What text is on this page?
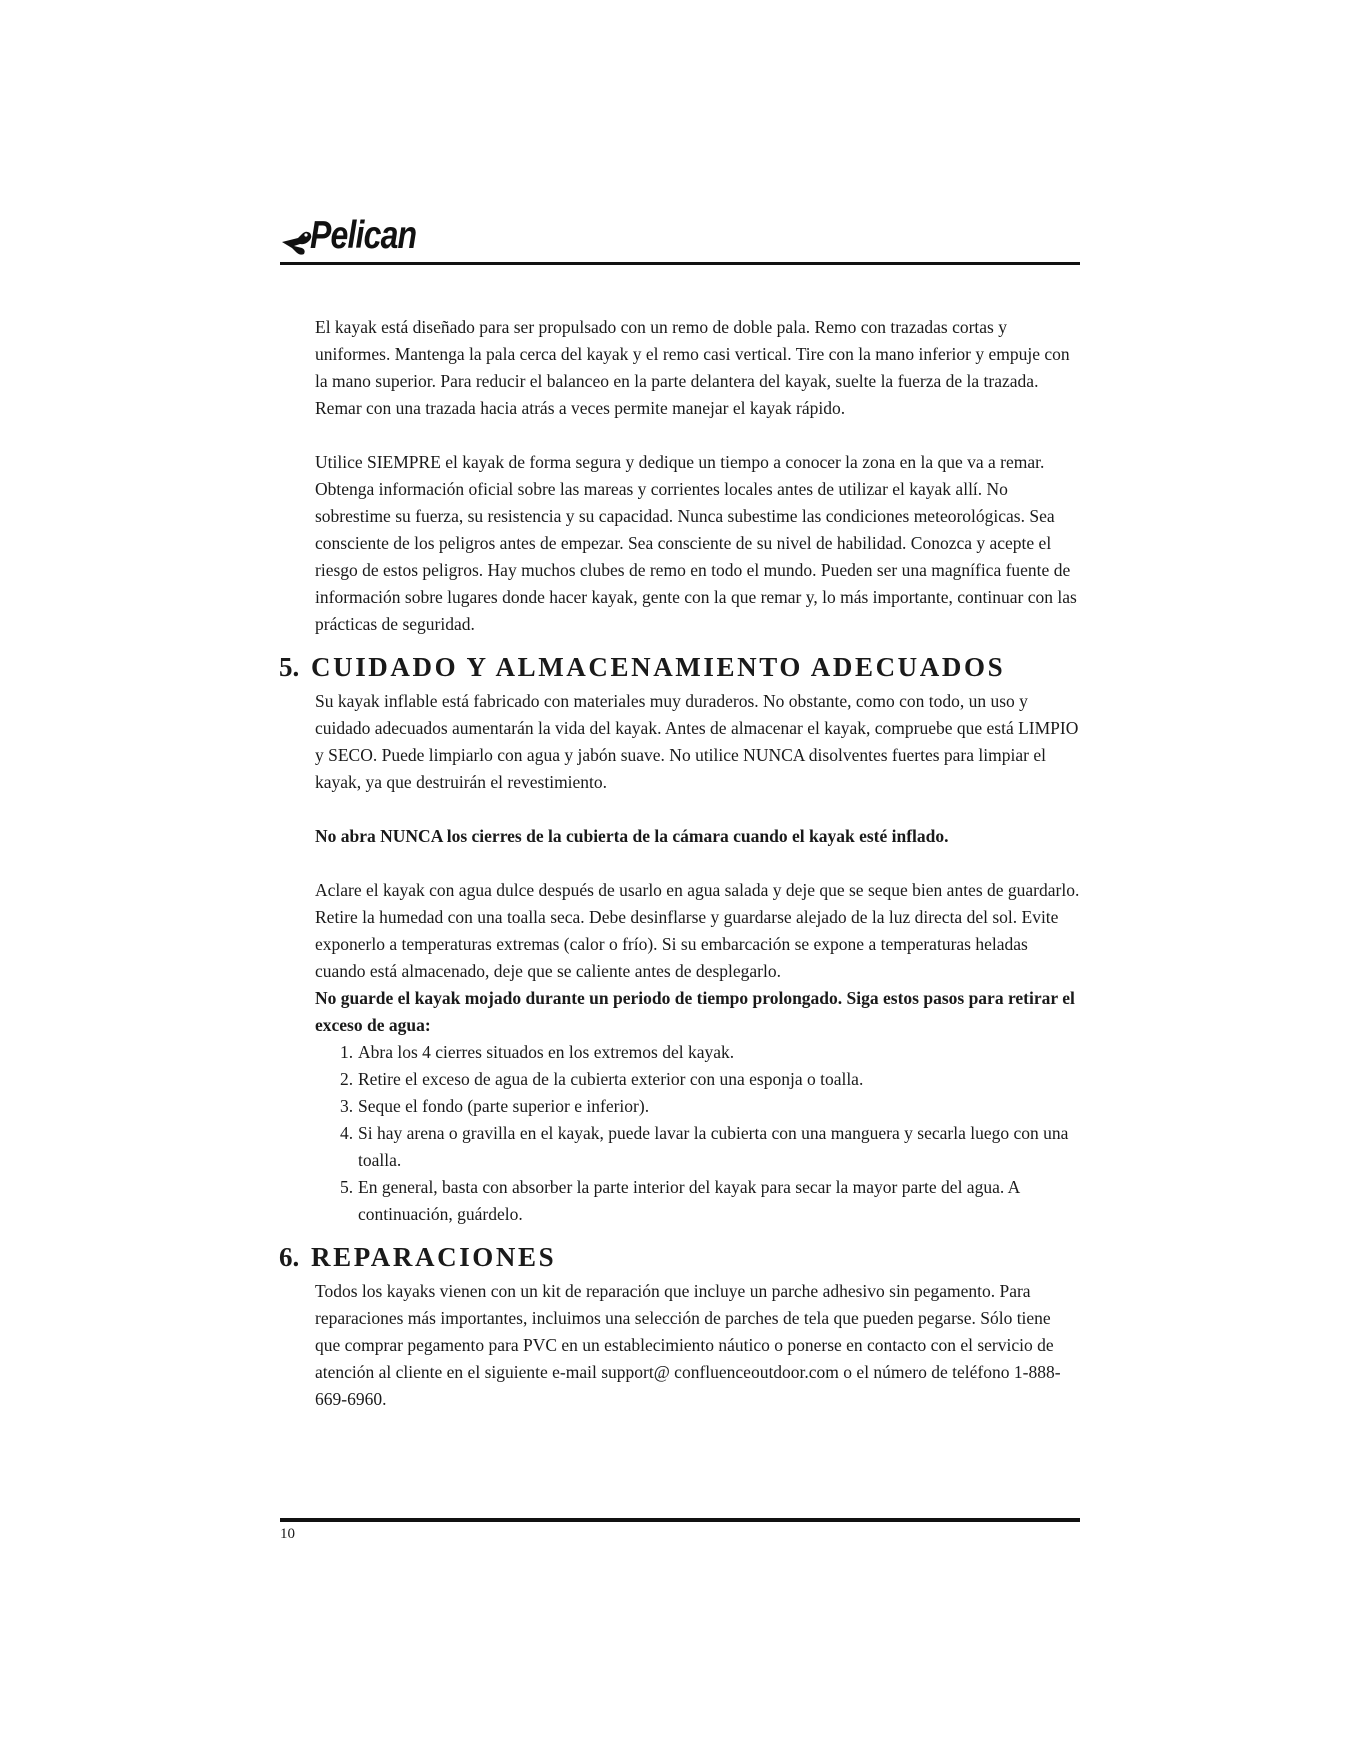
Pelican

El kayak está diseñado para ser propulsado con un remo de doble pala. Remo con trazadas cortas y uniformes. Mantenga la pala cerca del kayak y el remo casi vertical. Tire con la mano inferior y empuje con la mano superior. Para reducir el balanceo en la parte delantera del kayak, suelte la fuerza de la trazada. Remar con una trazada hacia atrás a veces permite manejar el kayak rápido.

Utilice SIEMPRE el kayak de forma segura y dedique un tiempo a conocer la zona en la que va a remar. Obtenga información oficial sobre las mareas y corrientes locales antes de utilizar el kayak allí. No sobrestime su fuerza, su resistencia y su capacidad. Nunca subestime las condiciones meteorológicas. Sea consciente de los peligros antes de empezar. Sea consciente de su nivel de habilidad. Conozca y acepte el riesgo de estos peligros. Hay muchos clubes de remo en todo el mundo. Pueden ser una magnífica fuente de información sobre lugares donde hacer kayak, gente con la que remar y, lo más importante, continuar con las prácticas de seguridad.

5. CUIDADO Y ALMACENAMIENTO ADECUADOS

Su kayak inflable está fabricado con materiales muy duraderos. No obstante, como con todo, un uso y cuidado adecuados aumentarán la vida del kayak. Antes de almacenar el kayak, compruebe que está LIMPIO y SECO. Puede limpiarlo con agua y jabón suave. No utilice NUNCA disolventes fuertes para limpiar el kayak, ya que destruirán el revestimiento.

No abra NUNCA los cierres de la cubierta de la cámara cuando el kayak esté inflado.

Aclare el kayak con agua dulce después de usarlo en agua salada y deje que se seque bien antes de guardarlo. Retire la humedad con una toalla seca. Debe desinflarse y guardarse alejado de la luz directa del sol. Evite exponerlo a temperaturas extremas (calor o frío). Si su embarcación se expone a temperaturas heladas cuando está almacenado, deje que se caliente antes de desplegarlo.

No guarde el kayak mojado durante un periodo de tiempo prolongado. Siga estos pasos para retirar el exceso de agua:

1. Abra los 4 cierres situados en los extremos del kayak.
2. Retire el exceso de agua de la cubierta exterior con una esponja o toalla.
3. Seque el fondo (parte superior e inferior).
4. Si hay arena o gravilla en el kayak, puede lavar la cubierta con una manguera y secarla luego con una toalla.
5. En general, basta con absorber la parte interior del kayak para secar la mayor parte del agua. A continuación, guárdelo.
6. REPARACIONES

Todos los kayaks vienen con un kit de reparación que incluye un parche adhesivo sin pegamento. Para reparaciones más importantes, incluimos una selección de parches de tela que pueden pegarse. Sólo tiene que comprar pegamento para PVC en un establecimiento náutico o ponerse en contacto con el servicio de atención al cliente en el siguiente e-mail support@ confluenceoutdoor.com o el número de teléfono 1-888-669-6960.

10
